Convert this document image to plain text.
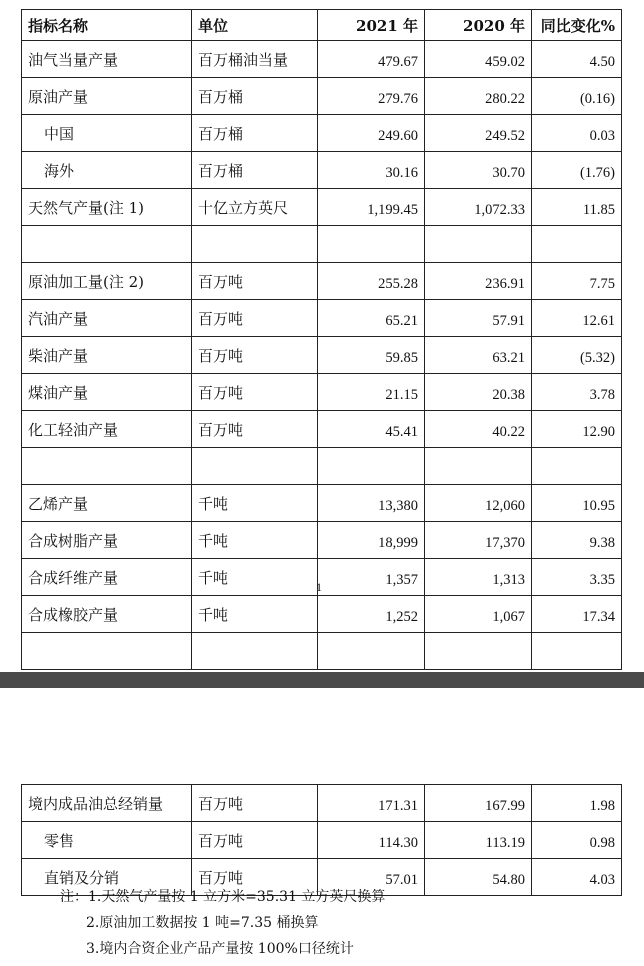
指标名称	单位	2021 年	2020 年	同比变化%
油气当量产量	百万桶油当量	479.67	459.02	4.50
原油产量	百万桶	279.76	280.22	(0.16)
中国	百万桶	249.60	249.52	0.03
海外	百万桶	30.16	30.70	(1.76)
天然气产量(注 1)	十亿立方英尺	1,199.45	1,072.33	11.85

原油加工量(注 2)	百万吨	255.28	236.91	7.75
汽油产量	百万吨	65.21	57.91	12.61
柴油产量	百万吨	59.85	63.21	(5.32)
煤油产量	百万吨	21.15	20.38	3.78
化工轻油产量	百万吨	45.41	40.22	12.90

乙烯产量	千吨	13,380	12,060	10.95
合成树脂产量	千吨	18,999	17,370	9.38
合成纤维产量	千吨	1,357	1,313	3.35
合成橡胶产量	千吨	1,252	1,067	17.34

1
境内成品油总经销量	百万吨	171.31	167.99	1.98
零售	百万吨	114.30	113.19	0.98
直销及分销	百万吨	57.01	54.80	4.03
注：1.天然气产量按 1 立方米=35.31 立方英尺换算
2.原油加工数据按 1 吨=7.35 桶换算
3.境内合资企业产品产量按 100%口径统计
